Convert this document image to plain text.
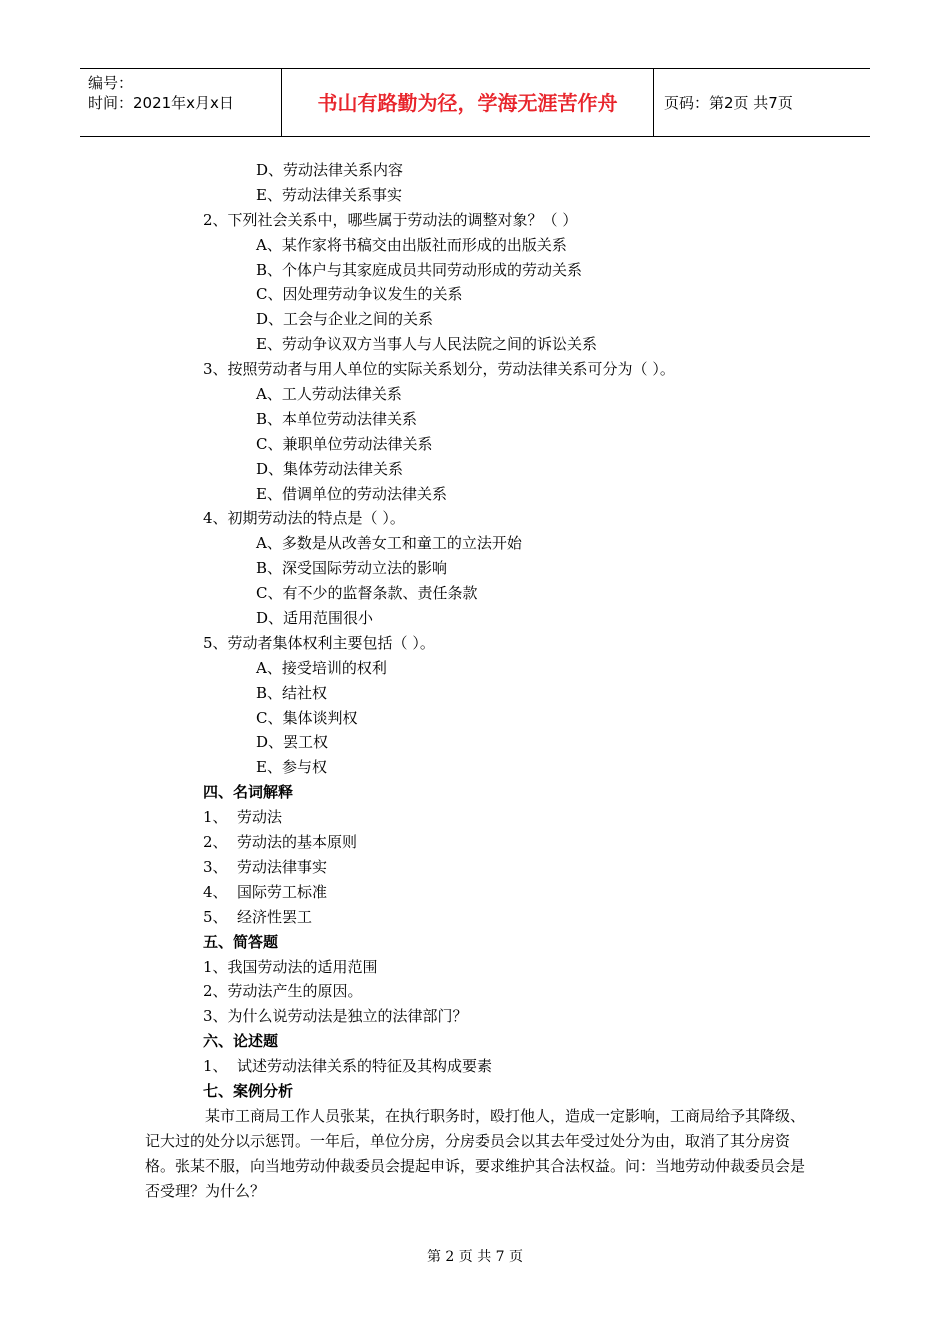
编号：
时间：2021年x月x日	书山有路勤为径，学海无涯苦作舟	页码：第2页 共7页
D、劳动法律关系内容
E、劳动法律关系事实
2、下列社会关系中，哪些属于劳动法的调整对象？（ ）
A、某作家将书稿交由出版社而形成的出版关系
B、个体户与其家庭成员共同劳动形成的劳动关系
C、因处理劳动争议发生的关系
D、工会与企业之间的关系
E、劳动争议双方当事人与人民法院之间的诉讼关系
3、按照劳动者与用人单位的实际关系划分，劳动法律关系可分为（ ）。
A、工人劳动法律关系
B、本单位劳动法律关系
C、兼职单位劳动法律关系
D、集体劳动法律关系
E、借调单位的劳动法律关系
4、初期劳动法的特点是（ ）。
A、多数是从改善女工和童工的立法开始
B、深受国际劳动立法的影响
C、有不少的监督条款、责任条款
D、适用范围很小
5、劳动者集体权利主要包括（ ）。
A、接受培训的权利
B、结社权
C、集体谈判权
D、罢工权
E、参与权
四、名词解释
1、 劳动法
2、 劳动法的基本原则
3、 劳动法律事实
4、 国际劳工标准
5、 经济性罢工
五、简答题
1、我国劳动法的适用范围
2、劳动法产生的原因。
3、为什么说劳动法是独立的法律部门？
六、论述题
1、 试述劳动法律关系的特征及其构成要素
七、案例分析
某市工商局工作人员张某，在执行职务时，殴打他人，造成一定影响，工商局给予其降级、记大过的处分以示惩罚。一年后，单位分房，分房委员会以其去年受过处分为由，取消了其分房资格。张某不服，向当地劳动仲裁委员会提起申诉，要求维护其合法权益。问：当地劳动仲裁委员会是否受理？为什么？
第 2 页 共 7 页
